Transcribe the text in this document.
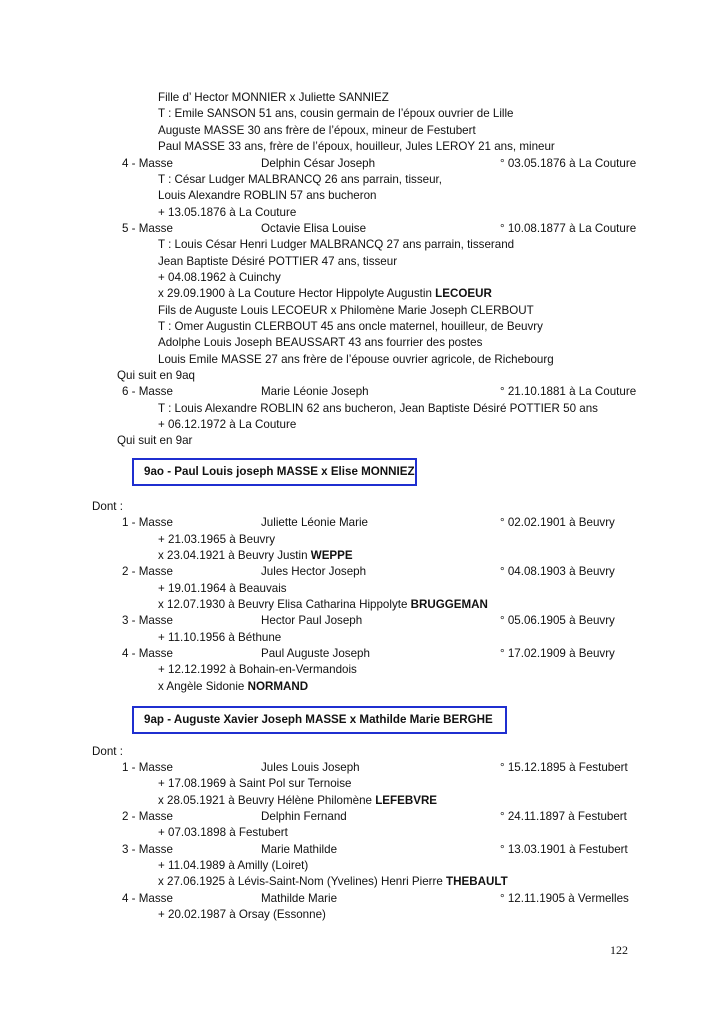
Fille d’ Hector MONNIER x Juliette SANNIEZ
T : Emile SANSON 51 ans, cousin germain de l’époux ouvrier de Lille
Auguste MASSE 30 ans frère de l’époux, mineur de Festubert
Paul MASSE 33 ans, frère de l’époux, houilleur, Jules LEROY 21 ans, mineur
4 - Masse	Delphin César Joseph	° 03.05.1876 à La Couture
T : César Ludger MALBRANCQ 26 ans parrain, tisseur,
Louis Alexandre ROBLIN 57 ans bucheron
+ 13.05.1876 à La Couture
5 - Masse	Octavie Elisa Louise	° 10.08.1877 à La Couture
T : Louis César Henri Ludger MALBRANCQ 27 ans parrain, tisserand
Jean Baptiste Désiré POTTIER 47 ans, tisseur
+ 04.08.1962 à Cuinchy
x 29.09.1900 à La Couture Hector Hippolyte Augustin LECOEUR
Fils de Auguste Louis LECOEUR x Philomène Marie Joseph CLERBOUT
T : Omer Augustin CLERBOUT 45 ans oncle maternel, houilleur, de Beuvry
Adolphe Louis Joseph BEAUSSART 43 ans fourrier des postes
Louis Emile MASSE 27 ans frère de l’épouse ouvrier agricole, de Richebourg
Qui suit en 9aq
6 - Masse	Marie Léonie Joseph	° 21.10.1881 à La Couture
T : Louis Alexandre ROBLIN 62 ans bucheron, Jean Baptiste Désiré POTTIER 50 ans
+ 06.12.1972 à La Couture
Qui suit en 9ar
9ao - Paul Louis joseph MASSE x Elise MONNIEZ
Dont :
1 - Masse	Juliette Léonie Marie	° 02.02.1901 à Beuvry
+ 21.03.1965 à Beuvry
x 23.04.1921 à Beuvry Justin WEPPE
2 - Masse	Jules Hector Joseph	° 04.08.1903 à Beuvry
+ 19.01.1964 à Beauvais
x 12.07.1930 à Beuvry Elisa Catharina Hippolyte BRUGGEMAN
3 - Masse	Hector Paul Joseph	° 05.06.1905 à Beuvry
+ 11.10.1956 à Béthune
4 - Masse	Paul Auguste Joseph	° 17.02.1909 à Beuvry
+ 12.12.1992 à Bohain-en-Vermandois
x Angèle Sidonie NORMAND
9ap - Auguste Xavier Joseph MASSE x Mathilde Marie BERGHE
Dont :
1 - Masse	Jules Louis Joseph	° 15.12.1895 à Festubert
+ 17.08.1969 à Saint Pol sur Ternoise
x 28.05.1921 à Beuvry Hélène Philomène LEFEBVRE
2 - Masse	Delphin Fernand	° 24.11.1897 à Festubert
+ 07.03.1898 à Festubert
3 - Masse	Marie Mathilde	° 13.03.1901 à Festubert
+ 11.04.1989 à Amilly (Loiret)
x 27.06.1925 à Lévis-Saint-Nom (Yvelines) Henri Pierre THEBAULT
4 - Masse	Mathilde Marie	° 12.11.1905 à Vermelles
+ 20.02.1987 à Orsay (Essonne)
122
